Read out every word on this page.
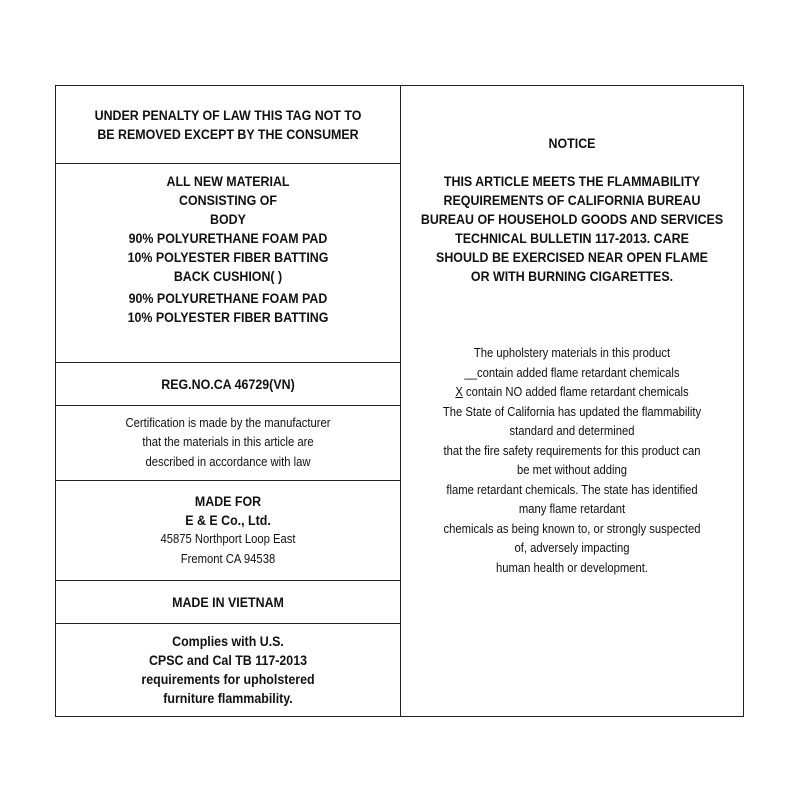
UNDER PENALTY OF LAW THIS TAG NOT TO
BE REMOVED EXCEPT BY THE CONSUMER
ALL NEW MATERIAL
CONSISTING OF
BODY
90% POLYURETHANE FOAM PAD
10% POLYESTER FIBER BATTING
BACK CUSHION( )
90% POLYURETHANE FOAM PAD
10% POLYESTER FIBER BATTING
REG.NO.CA 46729(VN)
Certification is made by the manufacturer
that the materials in this article are
described in accordance with law
MADE FOR
E & E Co., Ltd.
45875 Northport Loop East
Fremont CA 94538
MADE IN VIETNAM
Complies with U.S.
CPSC and Cal TB 117-2013
requirements for upholstered
furniture flammability.
NOTICE
THIS ARTICLE MEETS THE FLAMMABILITY
REQUIREMENTS OF CALIFORNIA BUREAU
BUREAU OF HOUSEHOLD GOODS AND SERVICES
TECHNICAL BULLETIN 117-2013. CARE
SHOULD BE EXERCISED NEAR OPEN FLAME
OR WITH BURNING CIGARETTES.
The upholstery materials in this product
__contain added flame retardant chemicals
X contain NO added flame retardant chemicals
The State of California has updated the flammability
standard and determined
that the fire safety requirements for this product can
be met without adding
flame retardant chemicals. The state has identified
many flame retardant
chemicals as being known to, or strongly suspected
of, adversely impacting
human health or development.
